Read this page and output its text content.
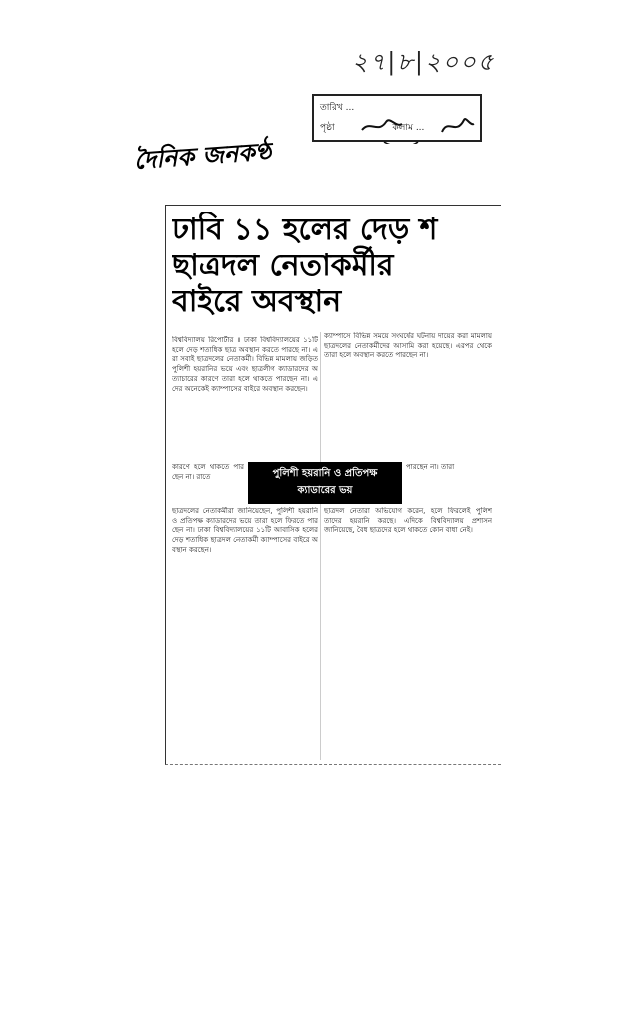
২৭|৮|২০০৫
তারিখ ...
পৃষ্ঠা	কলাম ...
দৈনিক জনকণ্ঠ
ঢাবি ১১ হলের দেড় শ
ছাত্রদল নেতাকর্মীর
বাইরে অবস্থান
বিশ্ববিদ্যালয় রিপোর্টার ॥ ঢাকা বিশ্ববিদ্যালয়ের ১১টি হলে দেড় শতাধিক ছাত্র অবস্থান করতে পারছে না। এরা সবাই ছাত্রদলের নেতাকর্মী। বিভিন্ন মামলায় জড়িত পুলিশী হয়রানির ভয়ে এবং ছাত্রলীগ ক্যাডারদের অত্যাচারের কারণে তারা হলে থাকতে পারছেন না। এদের অনেকেই ক্যাম্পাসের বাইরে অবস্থান করছেন।
কারণে হলে থাকতে পারছেন না। রাতে
ছাত্রদলের নেতাকর্মীরা জানিয়েছেন, পুলিশী হয়রানি ও প্রতিপক্ষ ক্যাডারদের ভয়ে তারা হলে ফিরতে পারছেন না। ঢাকা বিশ্ববিদ্যালয়ের ১১টি আবাসিক হলের দেড় শতাধিক ছাত্রদল নেতাকর্মী ক্যাম্পাসের বাইরে অবস্থান করছেন।
ক্যাম্পাসে বিভিন্ন সময়ে সংঘর্ষের ঘটনায় দায়ের করা মামলায় ছাত্রদলের নেতাকর্মীদের আসামি করা হয়েছে। এরপর থেকে তারা হলে অবস্থান করতে পারছেন না।
পারছেন না। তারা
ছাত্রদল নেতারা অভিযোগ করেন, হলে ফিরলেই পুলিশ তাদের হয়রানি করছে। এদিকে বিশ্ববিদ্যালয় প্রশাসন জানিয়েছে, বৈধ ছাত্রদের হলে থাকতে কোন বাধা নেই।
পুলিশী হয়রানি ও প্রতিপক্ষ
ক্যাডারের ভয়
